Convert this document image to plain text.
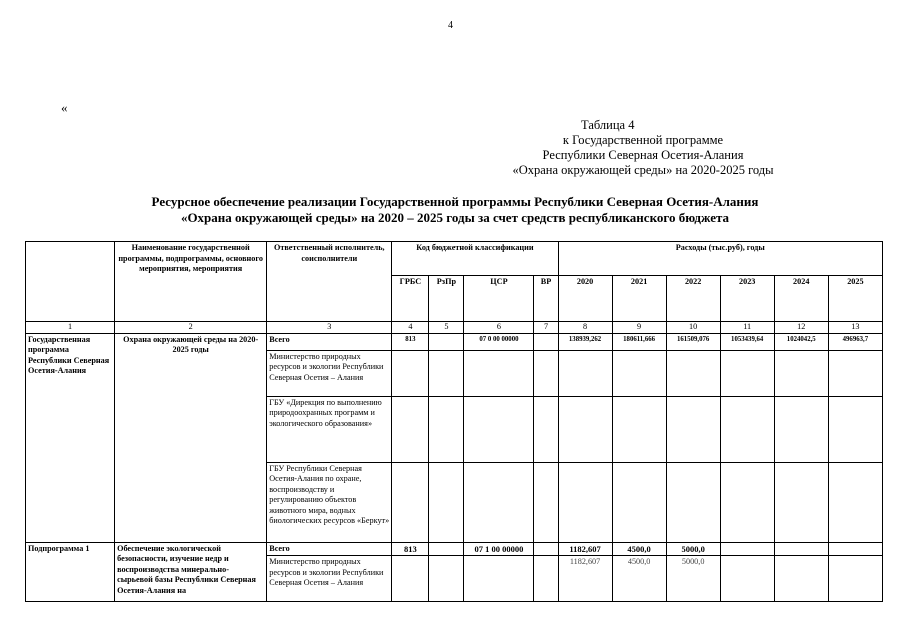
4
«
Таблица 4
к Государственной программе
Республики Северная Осетия-Алания
«Охрана окружающей среды» на 2020-2025 годы
Ресурсное обеспечение реализации Государственной программы Республики Северная Осетия-Алания
«Охрана окружающей среды» на 2020 – 2025 годы за счет средств республиканского бюджета
	Наименование государственной программы, подпрограммы, основного мероприятия, мероприятия	Ответственный исполнитель, соисполнители	Код бюджетной классификации				Расходы (тыс.руб), годы					
			ГРБС	РзПр	ЦСР	ВР	2020	2021	2022	2023	2024	2025
1	2	3	4	5	6	7	8	9	10	11	12	13
Государственная программа Республики Северная Осетия-Алания	Охрана окружающей среды на 2020-2025 годы	Всего	813		07 0 00 00000		138939,262	180611,666	161509,076	1053439,64	1024042,5	496963,7
		Министерство природных ресурсов и экологии Республики Северная Осетия – Алания										
		ГБУ «Дирекция по выполнению природоохранных программ и экологического образования»										
		ГБУ Республики Северная Осетия-Алания по охране, воспроизводству и регулированию объектов животного мира, водных биологических ресурсов «Беркут»										
Подпрограмма 1	Обеспечение экологической безопасности, изучение недр и воспроизводства минерально-сырьевой базы Республики Северная Осетия-Алания на	Всего	813		07 1 00 00000		1182,607	4500,0	5000,0			
		Министерство природных ресурсов и экологии Республики Северная Осетия – Алания					1182,607	4500,0	5000,0			
